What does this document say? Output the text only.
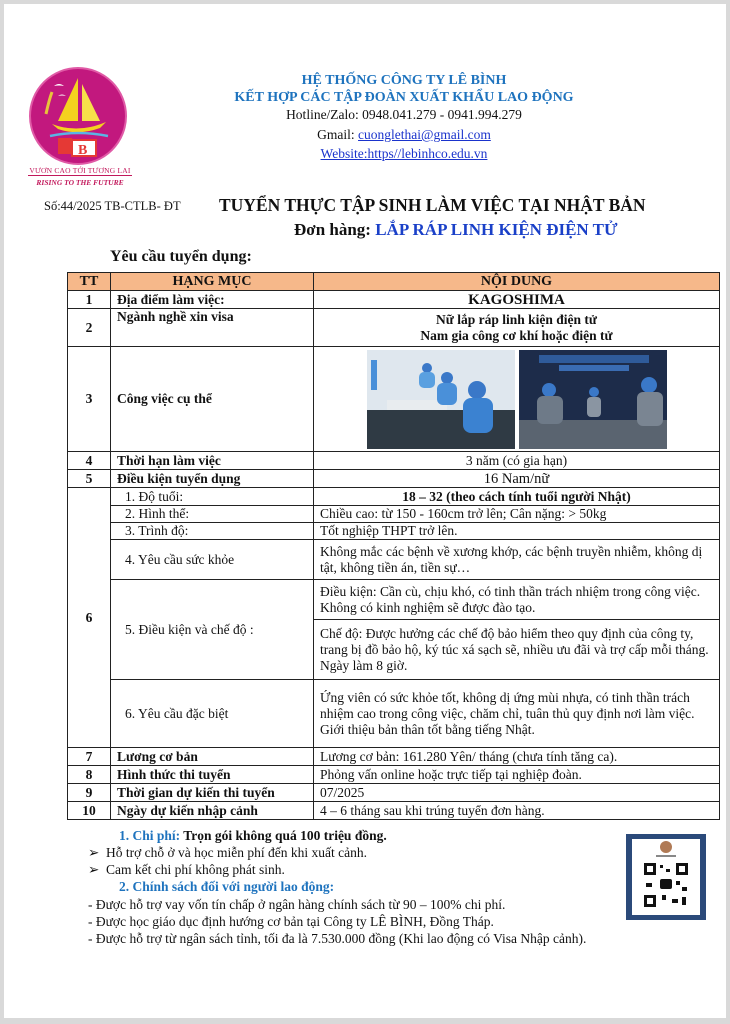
B
VƯƠN CAO TỚI TƯƠNG LAI
RISING TO THE FUTURE
HỆ THỐNG CÔNG TY LÊ BÌNH
KẾT HỢP CÁC TẬP ĐOÀN XUẤT KHẨU LAO ĐỘNG
Hotline/Zalo: 0948.041.279 - 0941.994.279
Gmail: cuonglethai@gmail.com
Website:https//lebinhco.edu.vn
Số:44/2025 TB-CTLB- ĐT TUYỂN THỰC TẬP SINH LÀM VIỆC TẠI NHẬT BẢN
Đơn hàng: LẮP RÁP LINH KIỆN ĐIỆN TỬ
Yêu cầu tuyển dụng:
TT	HẠNG MỤC	NỘI DUNG
1	Địa điểm làm việc:	KAGOSHIMA
2	Ngành nghề xin visa	Nữ lắp ráp linh kiện điện tử
Nam gia công cơ khí hoặc điện tử

3	Công việc cụ thể	

4	Thời hạn làm việc	3 năm (có gia hạn)
5	Điều kiện tuyển dụng	16 Nam/nữ
6	1. Độ tuổi:	18 – 32 (theo cách tính tuổi người Nhật)
	2. Hình thể:	Chiều cao: từ 150 - 160cm trở lên; Cân nặng: > 50kg
	3. Trình độ:	Tốt nghiệp THPT trở lên.
	4. Yêu cầu sức khỏe	Không mắc các bệnh về xương khớp, các bệnh truyền nhiễm, không dị tật, không tiền án, tiền sự…
	5. Điều kiện và chế độ :	Điều kiện: Cần cù, chịu khó, có tinh thần trách nhiệm trong công việc. Không có kinh nghiệm sẽ được đào tạo.
		Chế độ: Được hưởng các chế độ bảo hiểm theo quy định của công ty, trang bị đồ bảo hộ, ký túc xá sạch sẽ, nhiều ưu đãi và trợ cấp mỗi tháng. Ngày làm 8 giờ.
	6. Yêu cầu đặc biệt	Ứng viên có sức khỏe tốt, không dị ứng mùi nhựa, có tinh thần trách nhiệm cao trong công việc, chăm chỉ, tuân thủ quy định nơi làm việc. Giới thiệu bản thân tốt bằng tiếng Nhật.
7	Lương cơ bản	Lương cơ bản: 161.280 Yên/ tháng (chưa tính tăng ca).
8	Hình thức thi tuyển	Phỏng vấn online hoặc trực tiếp tại nghiệp đoàn.
9	Thời gian dự kiến thi tuyển	07/2025
10	Ngày dự kiến nhập cảnh	4 – 6 tháng sau khi trúng tuyển đơn hàng.
1. Chi phí: Trọn gói không quá 100 triệu đồng.
➢ Hỗ trợ chỗ ở và học miễn phí đến khi xuất cảnh.
➢ Cam kết chi phí không phát sinh.
2. Chính sách đối với người lao động:
- Được hỗ trợ vay vốn tín chấp ở ngân hàng chính sách từ 90 – 100% chi phí.
- Được học giáo dục định hướng cơ bản tại Công ty LÊ BÌNH, Đồng Tháp.
- Được hỗ trợ từ ngân sách tỉnh, tối đa là 7.530.000 đồng (Khi lao động có Visa Nhập cảnh).
